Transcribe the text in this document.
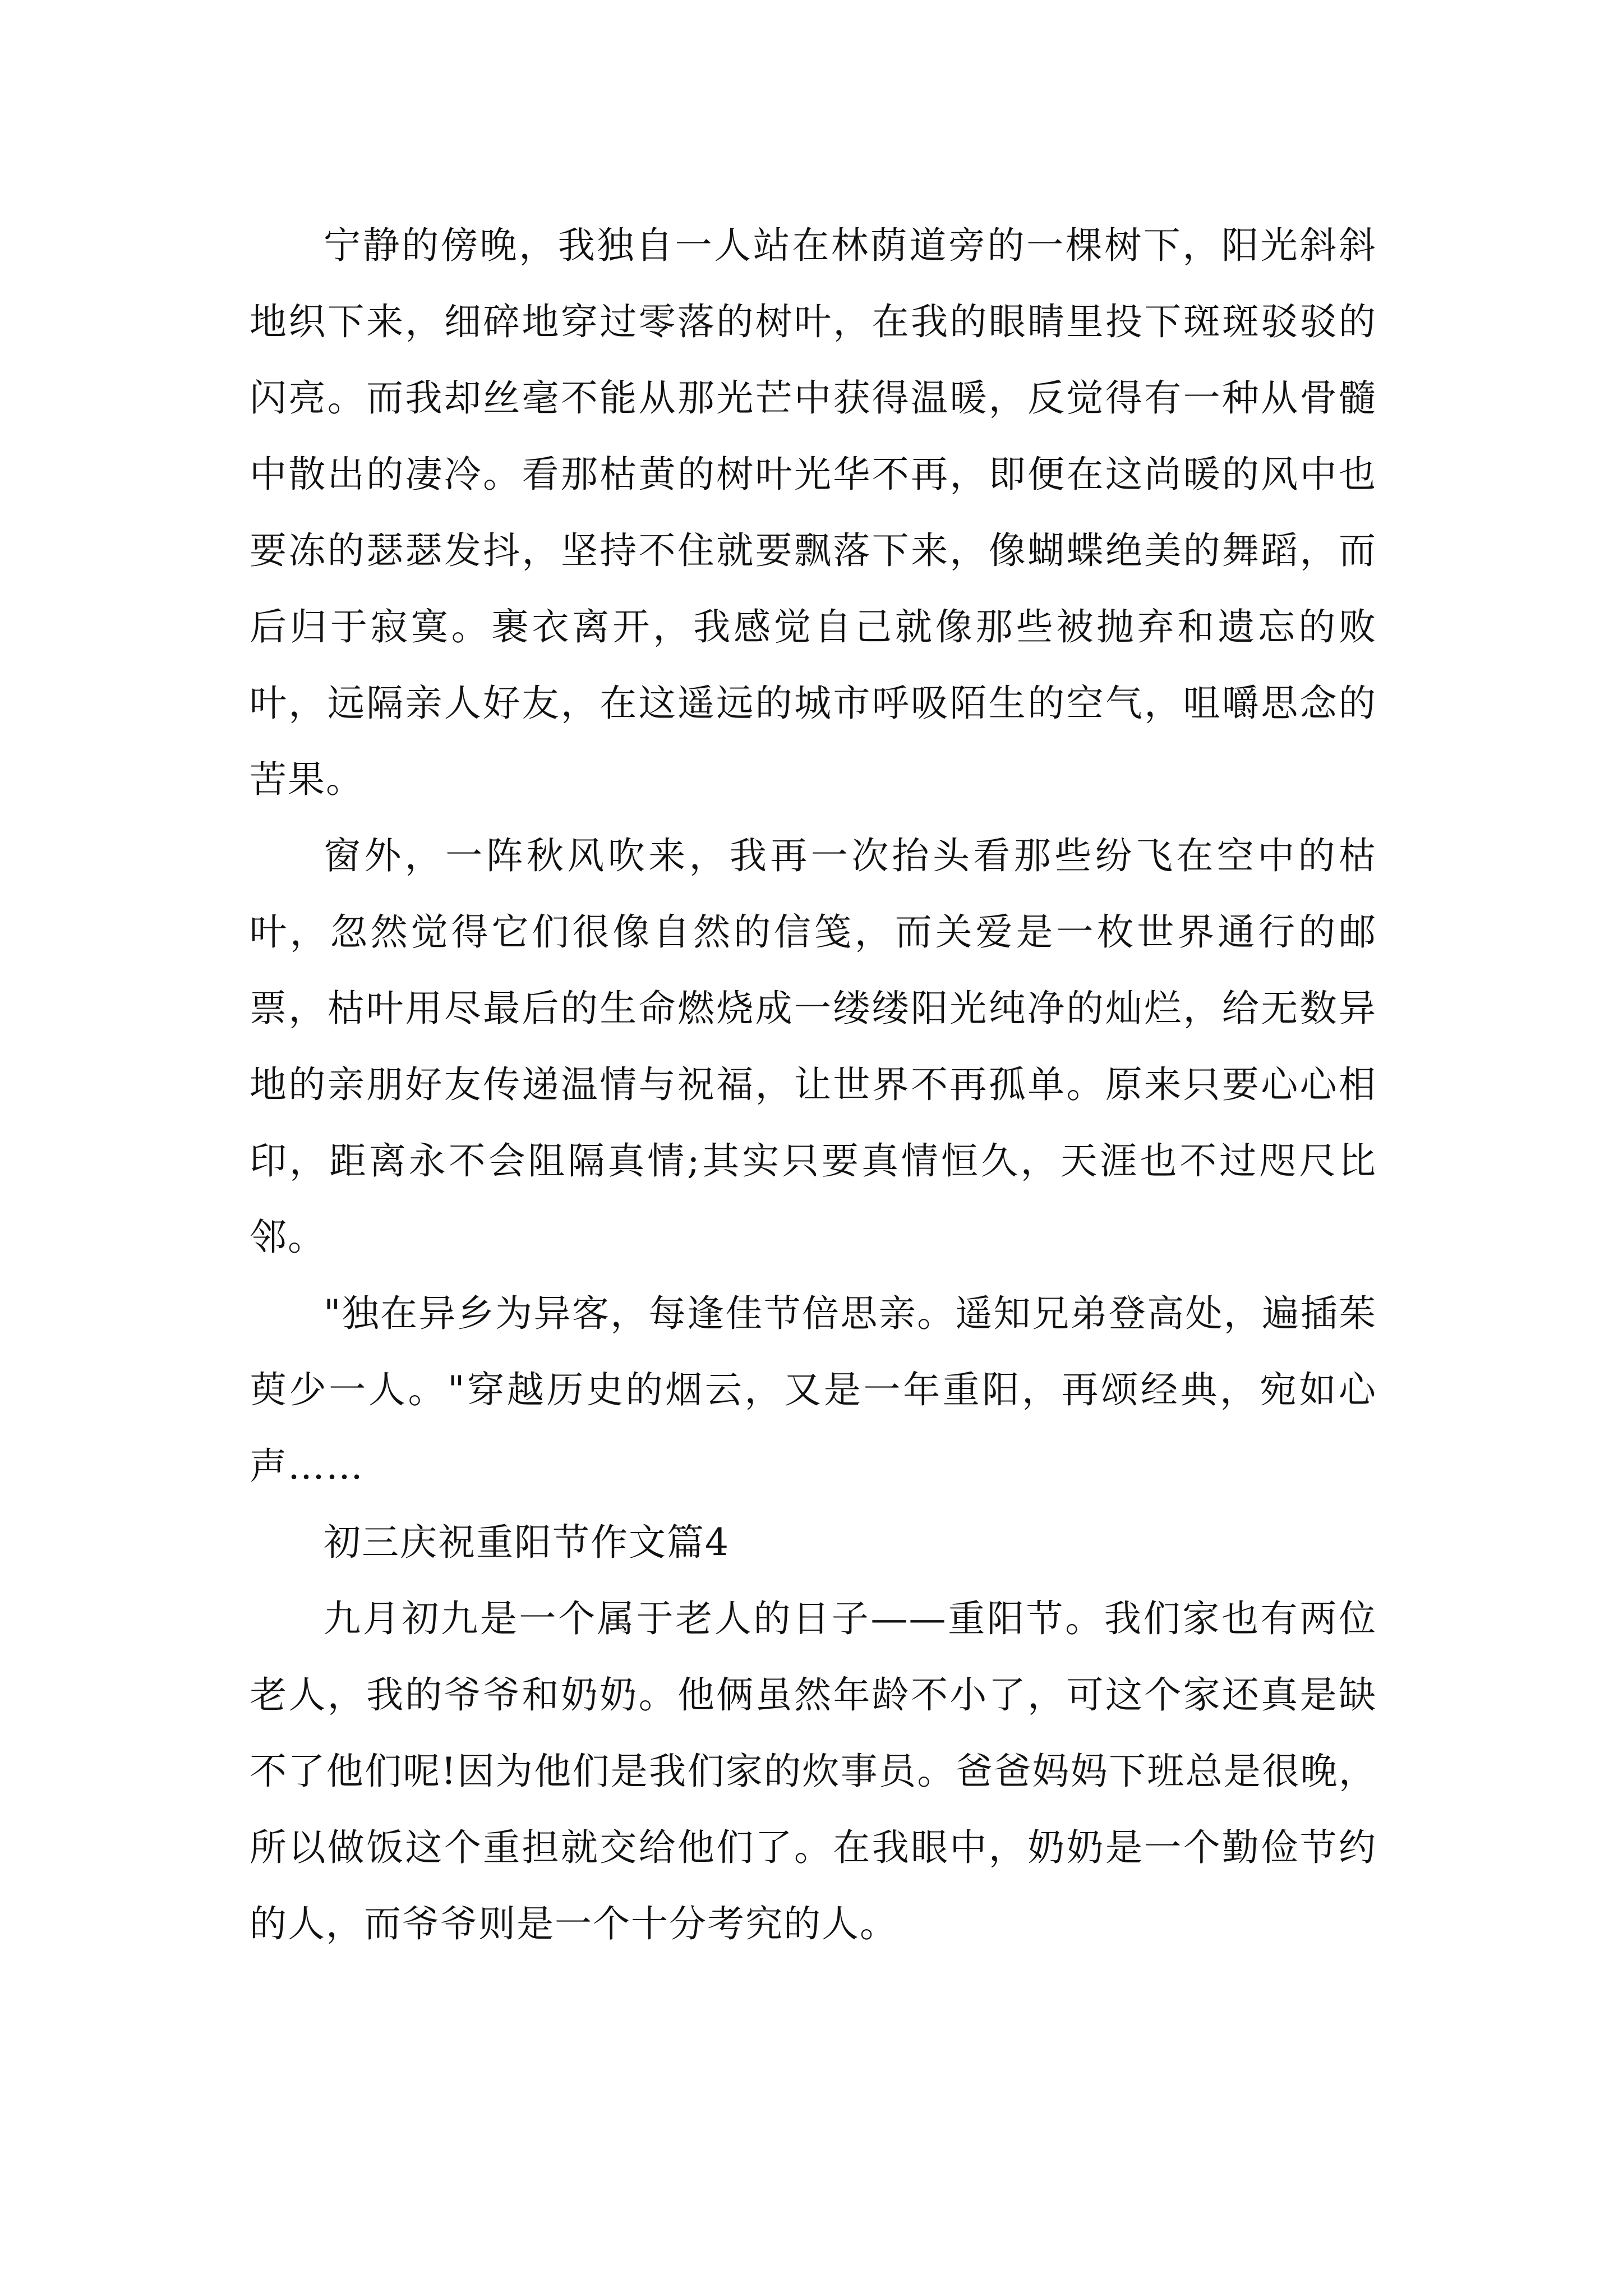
宁静的傍晚，我独自一人站在林荫道旁的一棵树下，阳光斜斜地织下来，细碎地穿过零落的树叶，在我的眼睛里投下斑斑驳驳的闪亮。而我却丝毫不能从那光芒中获得温暖，反觉得有一种从骨髓中散出的凄冷。看那枯黄的树叶光华不再，即便在这尚暖的风中也要冻的瑟瑟发抖，坚持不住就要飘落下来，像蝴蝶绝美的舞蹈，而后归于寂寞。裹衣离开，我感觉自己就像那些被抛弃和遗忘的败叶，远隔亲人好友，在这遥远的城市呼吸陌生的空气，咀嚼思念的苦果。

窗外，一阵秋风吹来，我再一次抬头看那些纷飞在空中的枯叶，忽然觉得它们很像自然的信笺，而关爱是一枚世界通行的邮票，枯叶用尽最后的生命燃烧成一缕缕阳光纯净的灿烂，给无数异地的亲朋好友传递温情与祝福，让世界不再孤单。原来只要心心相印，距离永不会阻隔真情;其实只要真情恒久，天涯也不过咫尺比邻。

"独在异乡为异客，每逢佳节倍思亲。遥知兄弟登高处，遍插茱萸少一人。"穿越历史的烟云，又是一年重阳，再颂经典，宛如心声……

初三庆祝重阳节作文篇4

九月初九是一个属于老人的日子——重阳节。我们家也有两位老人，我的爷爷和奶奶。他俩虽然年龄不小了，可这个家还真是缺不了他们呢!因为他们是我们家的炊事员。爸爸妈妈下班总是很晚，所以做饭这个重担就交给他们了。在我眼中，奶奶是一个勤俭节约的人，而爷爷则是一个十分考究的人。
